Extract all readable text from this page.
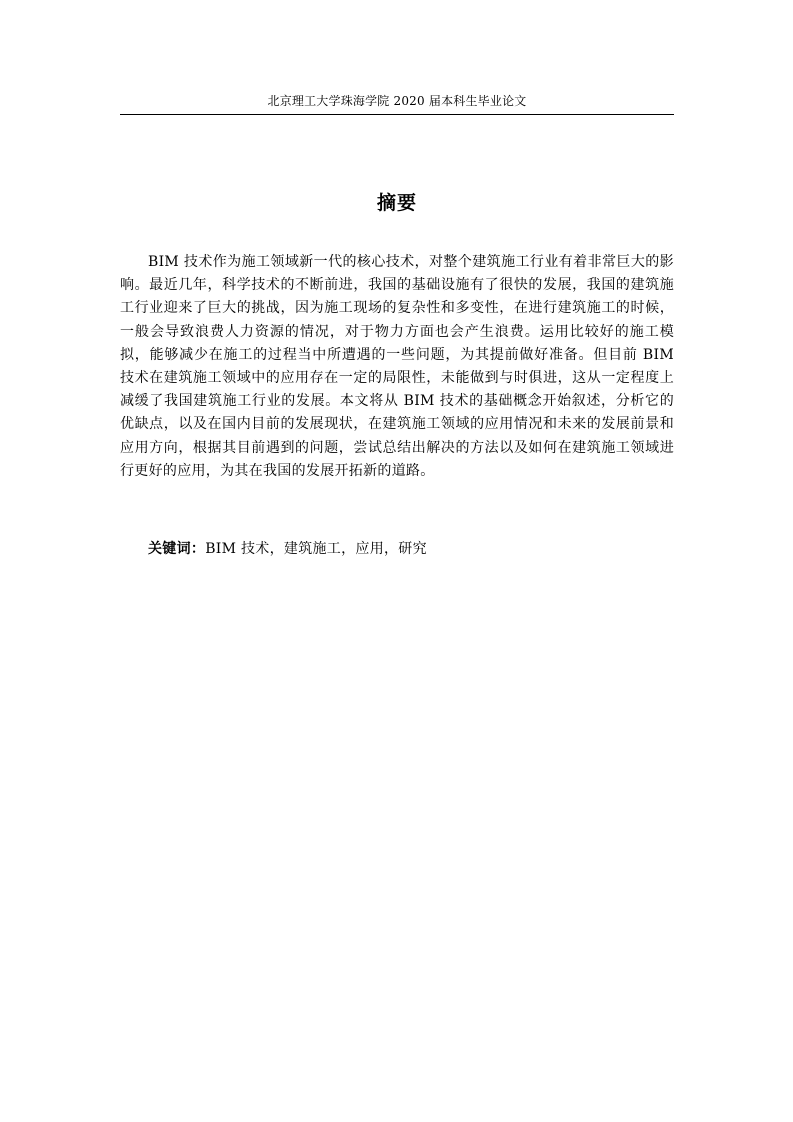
北京理工大学珠海学院 2020 届本科生毕业论文
摘要

BIM 技术作为施工领域新一代的核心技术，对整个建筑施工行业有着非常巨大的影响。最近几年，科学技术的不断前进，我国的基础设施有了很快的发展，我国的建筑施工行业迎来了巨大的挑战，因为施工现场的复杂性和多变性，在进行建筑施工的时候，一般会导致浪费人力资源的情况，对于物力方面也会产生浪费。运用比较好的施工模拟，能够减少在施工的过程当中所遭遇的一些问题，为其提前做好准备。但目前 BIM 技术在建筑施工领域中的应用存在一定的局限性，未能做到与时俱进，这从一定程度上减缓了我国建筑施工行业的发展。本文将从 BIM 技术的基础概念开始叙述，分析它的优缺点，以及在国内目前的发展现状，在建筑施工领域的应用情况和未来的发展前景和应用方向，根据其目前遇到的问题，尝试总结出解决的方法以及如何在建筑施工领域进行更好的应用，为其在我国的发展开拓新的道路。

关键词：BIM 技术，建筑施工，应用，研究
